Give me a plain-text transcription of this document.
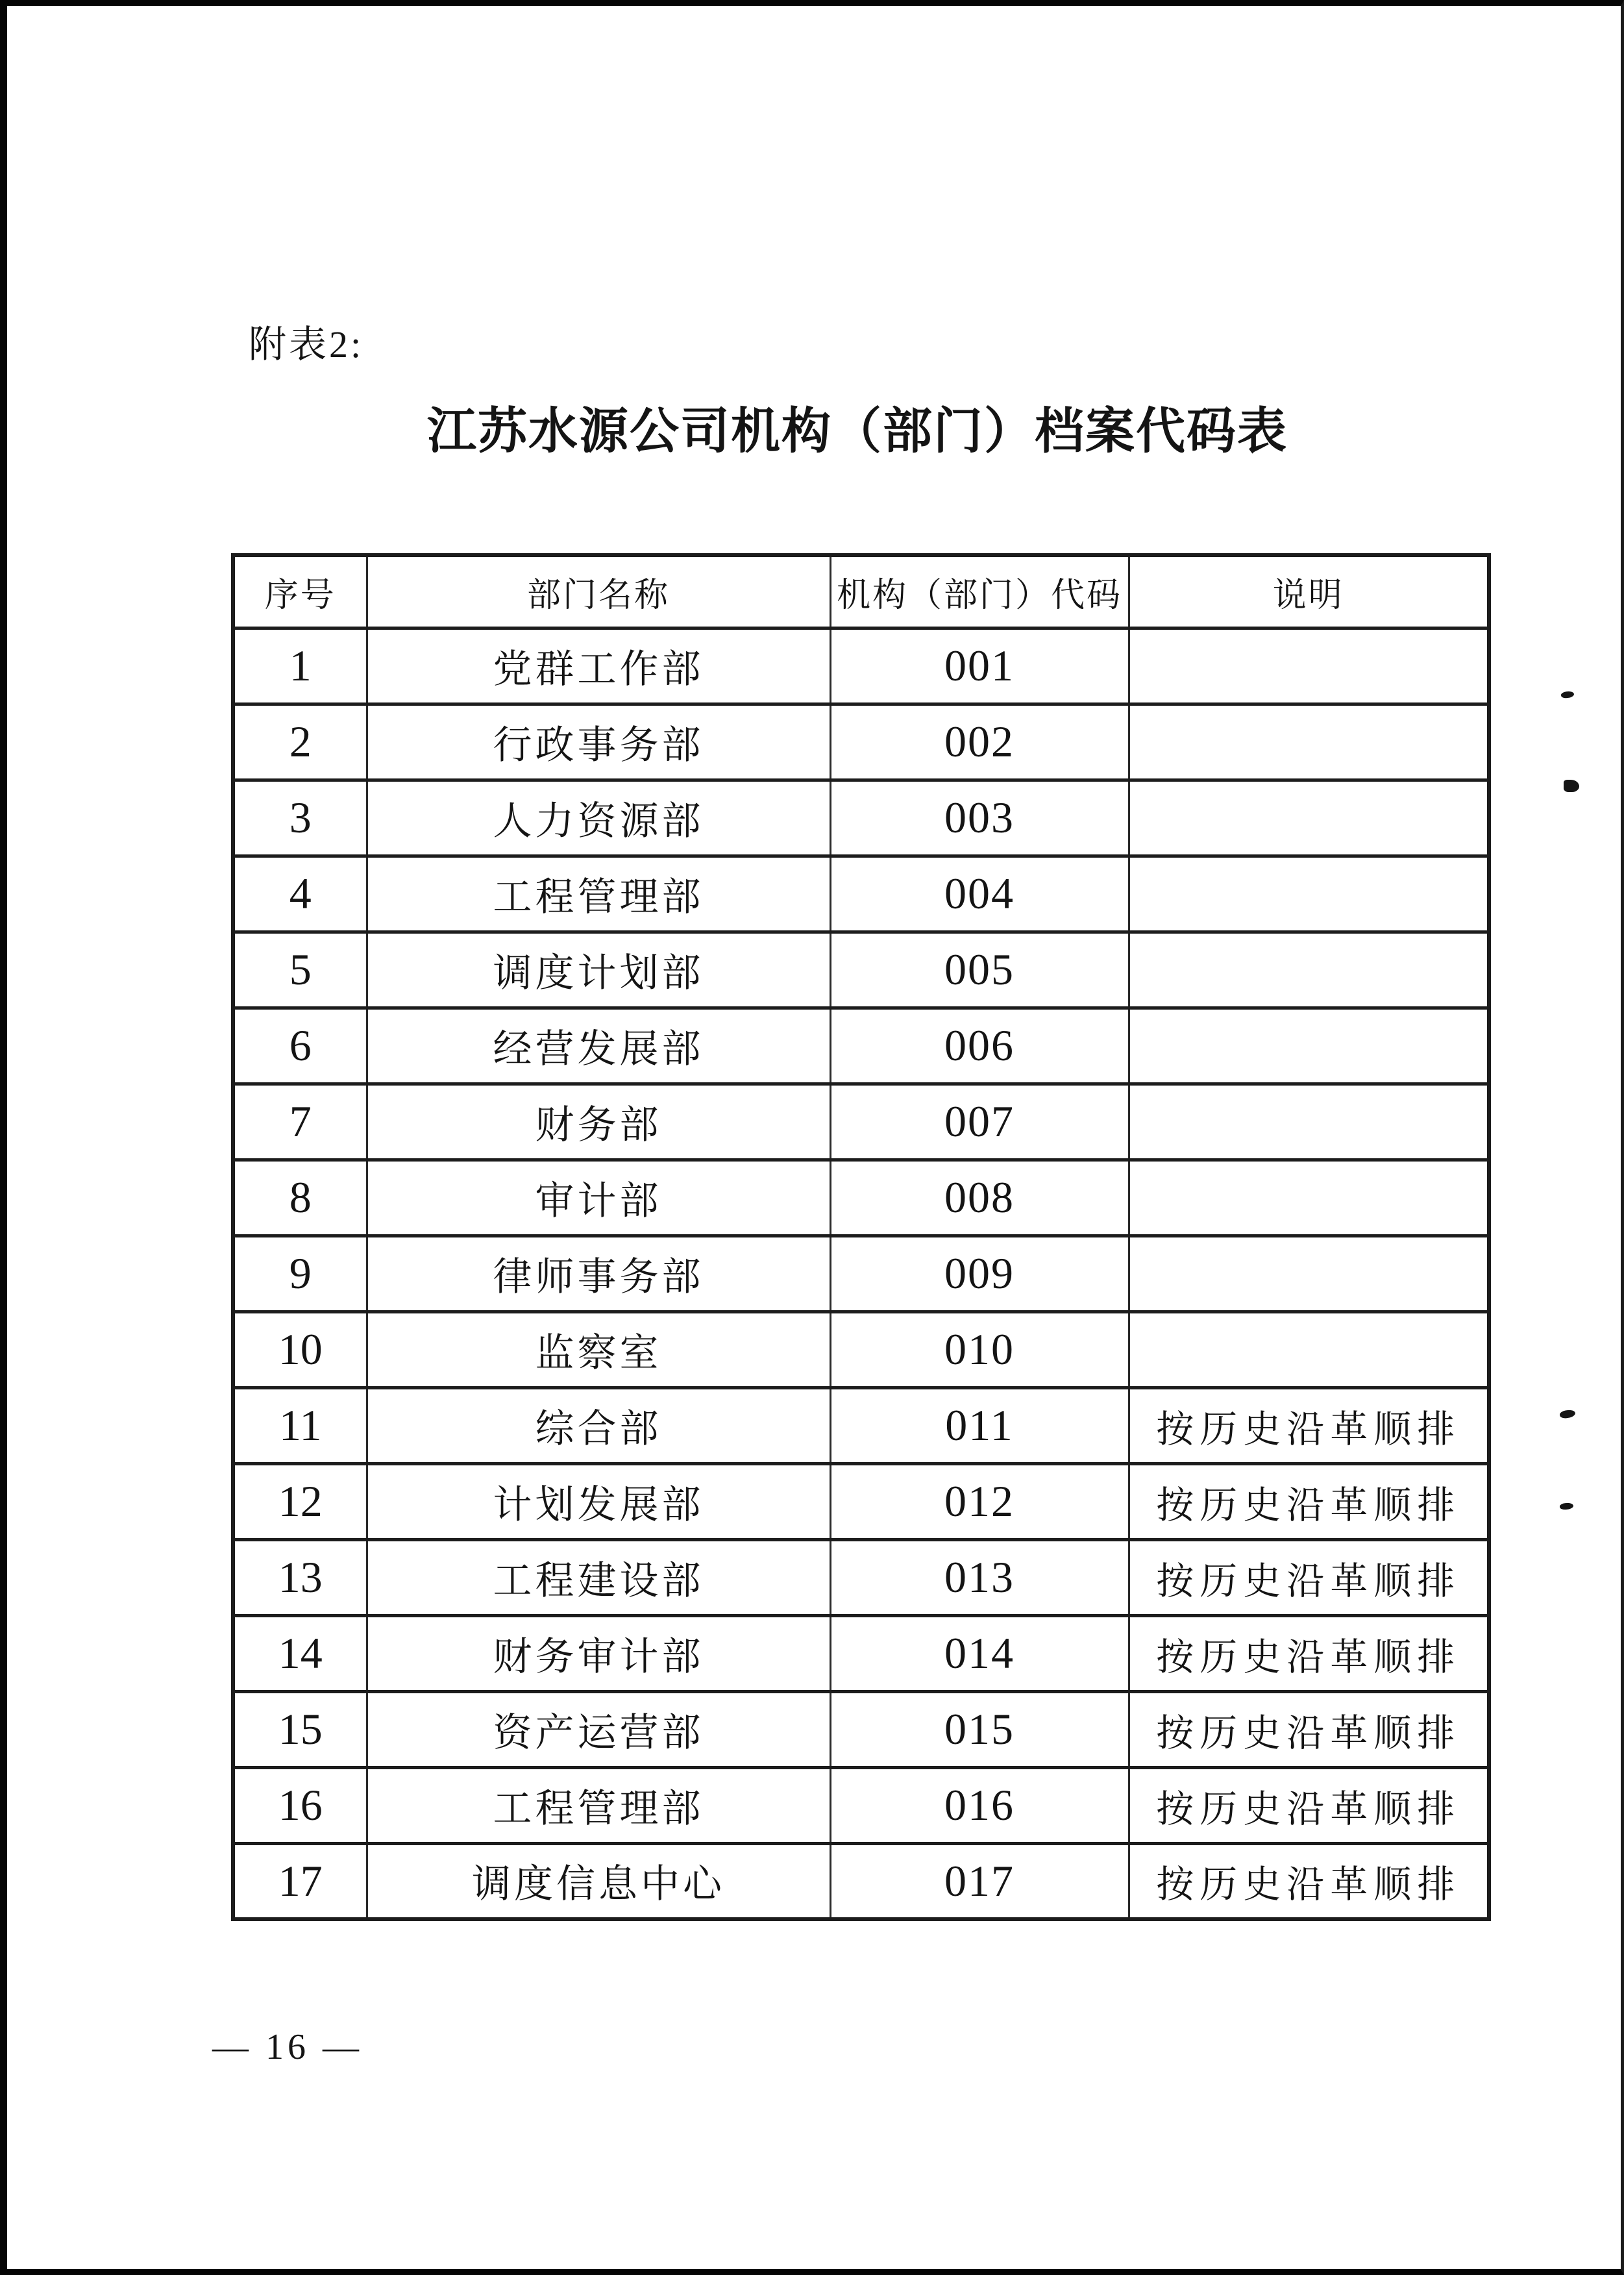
附表2:
江苏水源公司机构（部门）档案代码表
序号	部门名称	机构（部门）代码	说明
1	党群工作部	001	
2	行政事务部	002	
3	人力资源部	003	
4	工程管理部	004	
5	调度计划部	005	
6	经营发展部	006	
7	财务部	007	
8	审计部	008	
9	律师事务部	009	
10	监察室	010	
11	综合部	011	按历史沿革顺排
12	计划发展部	012	按历史沿革顺排
13	工程建设部	013	按历史沿革顺排
14	财务审计部	014	按历史沿革顺排
15	资产运营部	015	按历史沿革顺排
16	工程管理部	016	按历史沿革顺排
17	调度信息中心	017	按历史沿革顺排
— 16 —
